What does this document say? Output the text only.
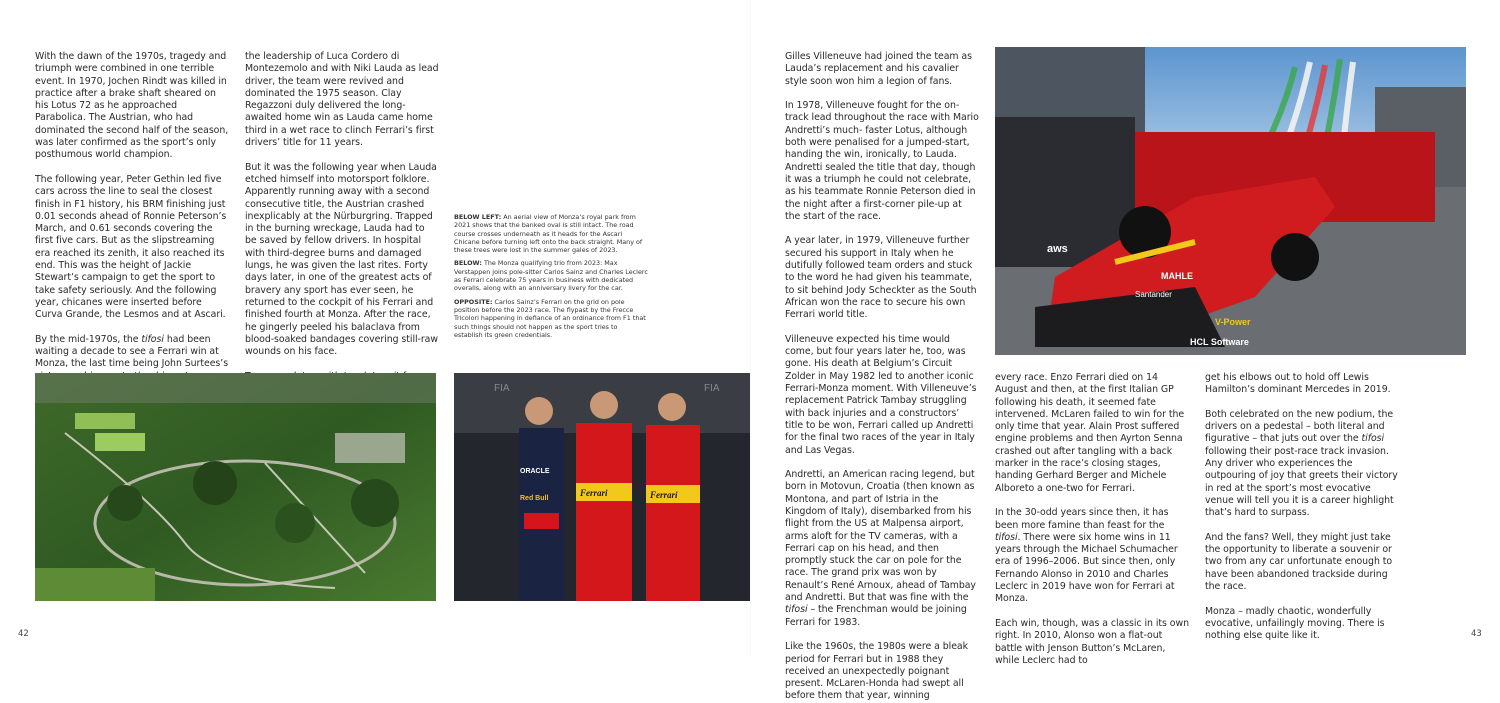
With the dawn of the 1970s, tragedy and triumph were combined in one terrible event. In 1970, Jochen Rindt was killed in practice after a brake shaft sheared on his Lotus 72 as he approached Parabolica. The Austrian, who had dominated the second half of the season, was later confirmed as the sport’s only posthumous world champion.

The following year, Peter Gethin led five cars across the line to seal the closest finish in F1 history, his BRM finishing just 0.01 seconds ahead of Ronnie Peterson’s March, and 0.61 seconds covering the first five cars. But as the slipstreaming era reached its zenith, it also reached its end. This was the height of Jackie Stewart’s campaign to get the sport to take safety seriously. And the following year, chicanes were inserted before Curva Grande, the Lesmos and at Ascari.

By the mid-1970s, the tifosi had been waiting a decade to see a Ferrari win at Monza, the last time being John Surtees’s

the leadership of Luca Cordero di Montezemolo and with Niki Lauda as lead driver, the team were revived and dominated the 1975 season. Clay Regazzoni duly delivered the long-awaited home win as Lauda came home third in a wet race to clinch Ferrari’s first drivers’ title for 11 years.

But it was the following year when Lauda etched himself into motorsport folklore. Apparently running away with a second consecutive title, the Austrian crashed inexplicably at the Nürburgring. Trapped in the burning wreckage, Lauda had to be saved by fellow drivers. In hospital with third-degree burns and damaged lungs, he was given the last rites. Forty days later, in one of the greatest acts of bravery any sport has ever seen, he returned to the cockpit of his Ferrari and finished fourth at Monza. After the race, he gingerly peeled his balaclava from blood-soaked bandages covering still-raw wounds on his face.

BELOW LEFT: An aerial view of Monza’s royal park from 2021 shows that the banked oval is still intact. The road course crosses underneath as it heads for the Ascari Chicane before turning left onto the back straight. Many of these trees were lost in the summer gales of 2023.

BELOW: The Monza qualifying trio from 2023: Max Verstappen joins pole-sitter Carlos Sainz and Charles Leclerc as Ferrari celebrate 75 years in business with dedicated overalls, along with an anniversary livery for the car.

OPPOSITE: Carlos Sainz’s Ferrari on the grid on pole position before the 2023 race. The flypast by the Frecce Tricolori happening in defiance of an ordinance from F1 that such things should not happen as the sport tries to establish its green credentials.

FIA	FIA
ORACLE
Red Bull
Ferrari	Ferrari

Gilles Villeneuve had joined the team as Lauda’s replacement and his cavalier style soon won him a legion of fans.

In 1978, Villeneuve fought for the on-track lead throughout the race with Mario Andretti’s much- faster Lotus, although both were penalised for a jumped-start, handing the win, ironically, to Lauda. Andretti sealed the title that day, though it was a triumph he could not celebrate, as his teammate Ronnie Peterson died in the night after a first-corner pile-up at the start of the race.

A year later, in 1979, Villeneuve further secured his support in Italy when he dutifully followed team orders and stuck to the word he had given his teammate, to sit behind Jody Scheckter as the South African won the race to secure his own Ferrari world title.

Villeneuve expected his time would come, but four years later he, too, was gone. His death at Belgium’s Circuit Zolder in May 1982 led to another iconic Ferrari-Monza moment. With Villeneuve’s replacement Patrick Tambay struggling with back injuries and a constructors’ title to be won, Ferrari called up Andretti for the final two races of the year in Italy and Las Vegas.

Andretti, an American racing legend, but born in Motovun, Croatia (then known as Montona, and part of Istria in the Kingdom of Italy), disembarked from his flight from the US at Malpensa airport, arms aloft for the TV cameras, with a Ferrari cap on his head, and then promptly stuck the car on pole for the race. The grand prix was won by Renault’s René Arnoux, ahead of Tambay and Andretti. But that was fine with the tifosi – the Frenchman would be joining Ferrari for 1983.

Like the 1960s, the 1980s were a bleak period for Ferrari but in 1988 they received an unexpectedly poignant present. McLaren-Honda had swept all before them that year, winning

every race. Enzo Ferrari died on 14 August and then, at the first Italian GP following his death, it seemed fate intervened. McLaren failed to win for the only time that year. Alain Prost suffered engine problems and then Ayrton Senna crashed out after tangling with a back marker in the race’s closing stages, handing Gerhard Berger and Michele Alboreto a one-two for Ferrari.

In the 30-odd years since then, it has been more famine than feast for the tifosi. There were six home wins in 11 years through the Michael Schumacher era of 1996–2006. But since then, only Fernando Alonso in 2010 and Charles Leclerc in 2019 have won for Ferrari at Monza.

Each win, though, was a classic in its own right. In 2010, Alonso won a flat-out battle with Jenson Button’s McLaren, while Leclerc had to

get his elbows out to hold off Lewis Hamilton’s dominant Mercedes in 2019.

Both celebrated on the new podium, the drivers on a pedestal – both literal and figurative – that juts out over the tifosi following their post-race track invasion. Any driver who experiences the outpouring of joy that greets their victory in red at the sport’s most evocative venue will tell you it is a career highlight that’s hard to surpass.

And the fans? Well, they might just take the opportunity to liberate a souvenir or two from any car unfortunate enough to have been abandoned trackside during the race.

Monza – madly chaotic, wonderfully evocative, unfailingly moving. There is nothing else quite like it.

aws
MAHLE
Santander
HCL Software
V-Power
42	43
